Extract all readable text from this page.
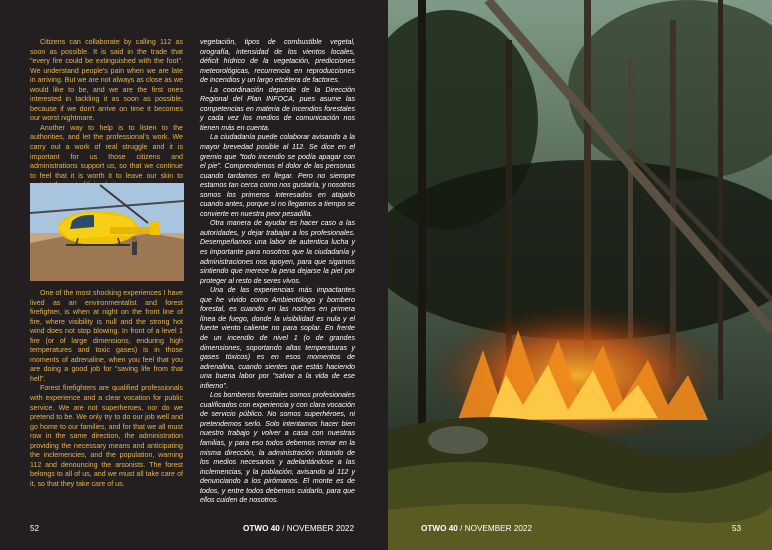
Citizens can collaborate by calling 112 as soon as possible. It is said in the trade that "every fire could be extinguished with the foot". We understand people's pain when we are late in arriving. But we are not always as close as we would like to be, and we are the first ones interested in tackling it as soon as possible, because if we don't arrive on time it becomes our worst nightmare.

Another way to help is to listen to the authorities, and let the professional's work. We carry out a work of real struggle and it is important for us those citizens and administrations support us, so that we continue to feel that it is worth it to leave our skin to

One of the most shocking experiences I have lived as an environmentalist and forest firefighter, is when at night on the front line of fire, where visibility is null and the strong hot wind does not stop blowing. In front of a level 1 fire (or of large dimensions, enduring high temperatures and toxic gases) is in those moments of adrenaline, when you feel that you are doing a good job for "saving life from that hell".

Forest firefighters are qualified professionals with experience and a clear vocation for public service. We are not superheroes, nor do we pretend to be. We only try to do our job well and go home to our families, and for that we all must row in the same direction, the administration providing the necessary means and anticipating the inclemencies, and the population, warning 112 and denouncing the arsonists. The forest belongs to all of us, and we must all take care of it, so that they take care of us.

vegetación, tipos de combustible vegetal, orografía, intensidad de los vientos locales, déficit hídrico de la vegetación, predicciones meteorológicas, recurrencia en reproducciones de incendios y un largo etcétera de factores.

La coordinación depende de la Dirección Regional del Plan INFOCA, pues asume las competencias en materia de incendios forestales y cada vez los medios de comunicación nos tienen más en cuenta.

La ciudadanía puede colaborar avisando a la mayor brevedad posible al 112. Se dice en el gremio que "todo incendio se podía apagar con el pie". Comprendemos el dolor de las personas cuando tardamos en llegar. Pero no siempre estamos tan cerca como nos gustaría, y nosotros somos los primeros interesados en atajarlo cuando antes, porque si no llegamos a tiempo se convierte en nuestra peor pesadilla.

Otra manera de ayudar es hacer caso a las autoridades, y dejar trabajar a los profesionales. Desempeñamos una labor de autentica lucha y es importante para nosotros que la ciudadanía y administraciones nos apoyen, para que sigamos sintiendo que merece la pena dejarse la piel por proteger al resto de seres vivos.

Una de las experiencias más impactantes que he vivido como Ambientólogo y bombero forestal, es cuando en las noches en primera línea de fuego, donde la visibilidad es nula y el fuerte viento caliente no para soplar. En frente de un incendio de nivel 1 (o de grandes dimensiones, soportando altas temperaturas y gases tóxicos) es en esos momentos de adrenalina, cuando sientes que estás haciendo una buena labor por "salvar a la vida de ese infierno".

Los bomberos forestales somos profesionales cualificados con experiencia y con clara vocación de servicio público. No somos superhéroes, ni pretendemos serlo. Solo intentamos hacer bien nuestro trabajo y volver a casa con nuestras familias, y para eso todos debemos remar en la misma dirección, la administración dotando de los medios necesarios y adelantándose a las inclemencias, y la población, avisando al 112 y denunciando a los pirómanos. El monte es de todos, y entre todos debemos cuidarlo, para que ellos cuiden de nosotros.

52	OTWO 40 / NOVEMBER 2022	OTWO 40 / NOVEMBER 2022	53
